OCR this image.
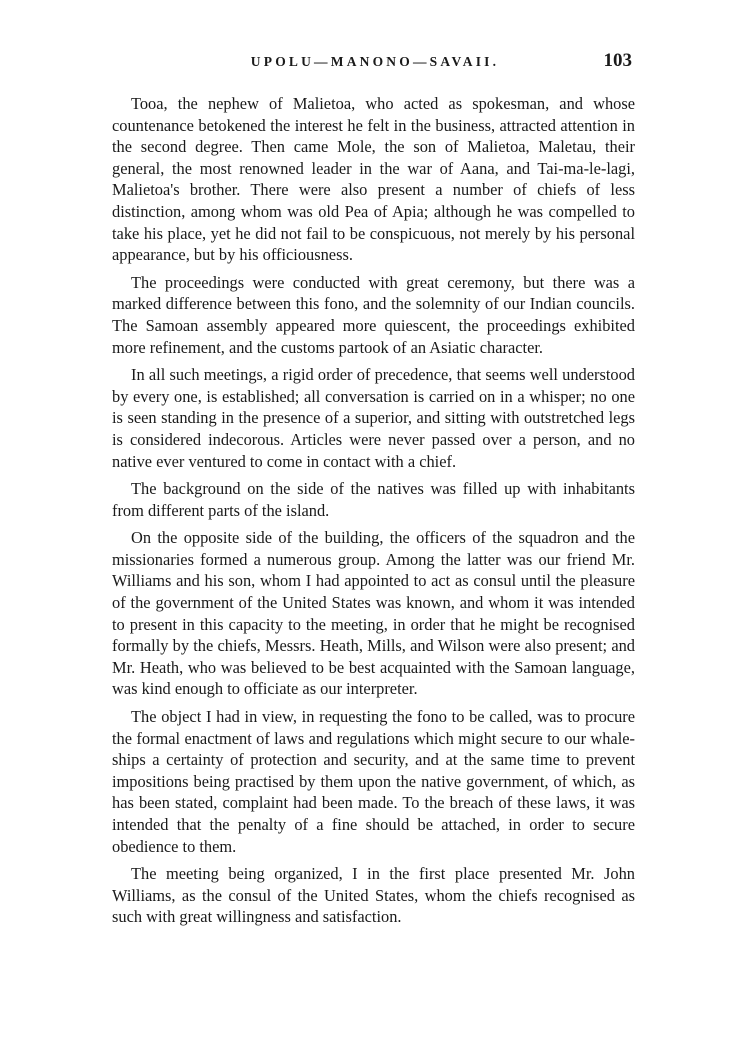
UPOLU—MANONO—SAVAII.	103

Tooa, the nephew of Malietoa, who acted as spokesman, and whose countenance betokened the interest he felt in the business, attracted attention in the second degree. Then came Mole, the son of Malietoa, Maletau, their general, the most renowned leader in the war of Aana, and Tai-ma-le-lagi, Malietoa's brother. There were also present a number of chiefs of less distinction, among whom was old Pea of Apia; although he was compelled to take his place, yet he did not fail to be conspicuous, not merely by his personal appearance, but by his officiousness.

The proceedings were conducted with great ceremony, but there was a marked difference between this fono, and the solemnity of our Indian councils. The Samoan assembly appeared more quiescent, the proceedings exhibited more refinement, and the customs partook of an Asiatic character.

In all such meetings, a rigid order of precedence, that seems well understood by every one, is established; all conversation is carried on in a whisper; no one is seen standing in the presence of a superior, and sitting with outstretched legs is considered indecorous. Articles were never passed over a person, and no native ever ventured to come in contact with a chief.

The background on the side of the natives was filled up with inhabitants from different parts of the island.

On the opposite side of the building, the officers of the squadron and the missionaries formed a numerous group. Among the latter was our friend Mr. Williams and his son, whom I had appointed to act as consul until the pleasure of the government of the United States was known, and whom it was intended to present in this capacity to the meeting, in order that he might be recognised formally by the chiefs, Messrs. Heath, Mills, and Wilson were also present; and Mr. Heath, who was believed to be best acquainted with the Samoan language, was kind enough to officiate as our interpreter.

The object I had in view, in requesting the fono to be called, was to procure the formal enactment of laws and regulations which might secure to our whale-ships a certainty of protection and security, and at the same time to prevent impositions being practised by them upon the native government, of which, as has been stated, complaint had been made. To the breach of these laws, it was intended that the penalty of a fine should be attached, in order to secure obedience to them.

The meeting being organized, I in the first place presented Mr. John Williams, as the consul of the United States, whom the chiefs recognised as such with great willingness and satisfaction.
